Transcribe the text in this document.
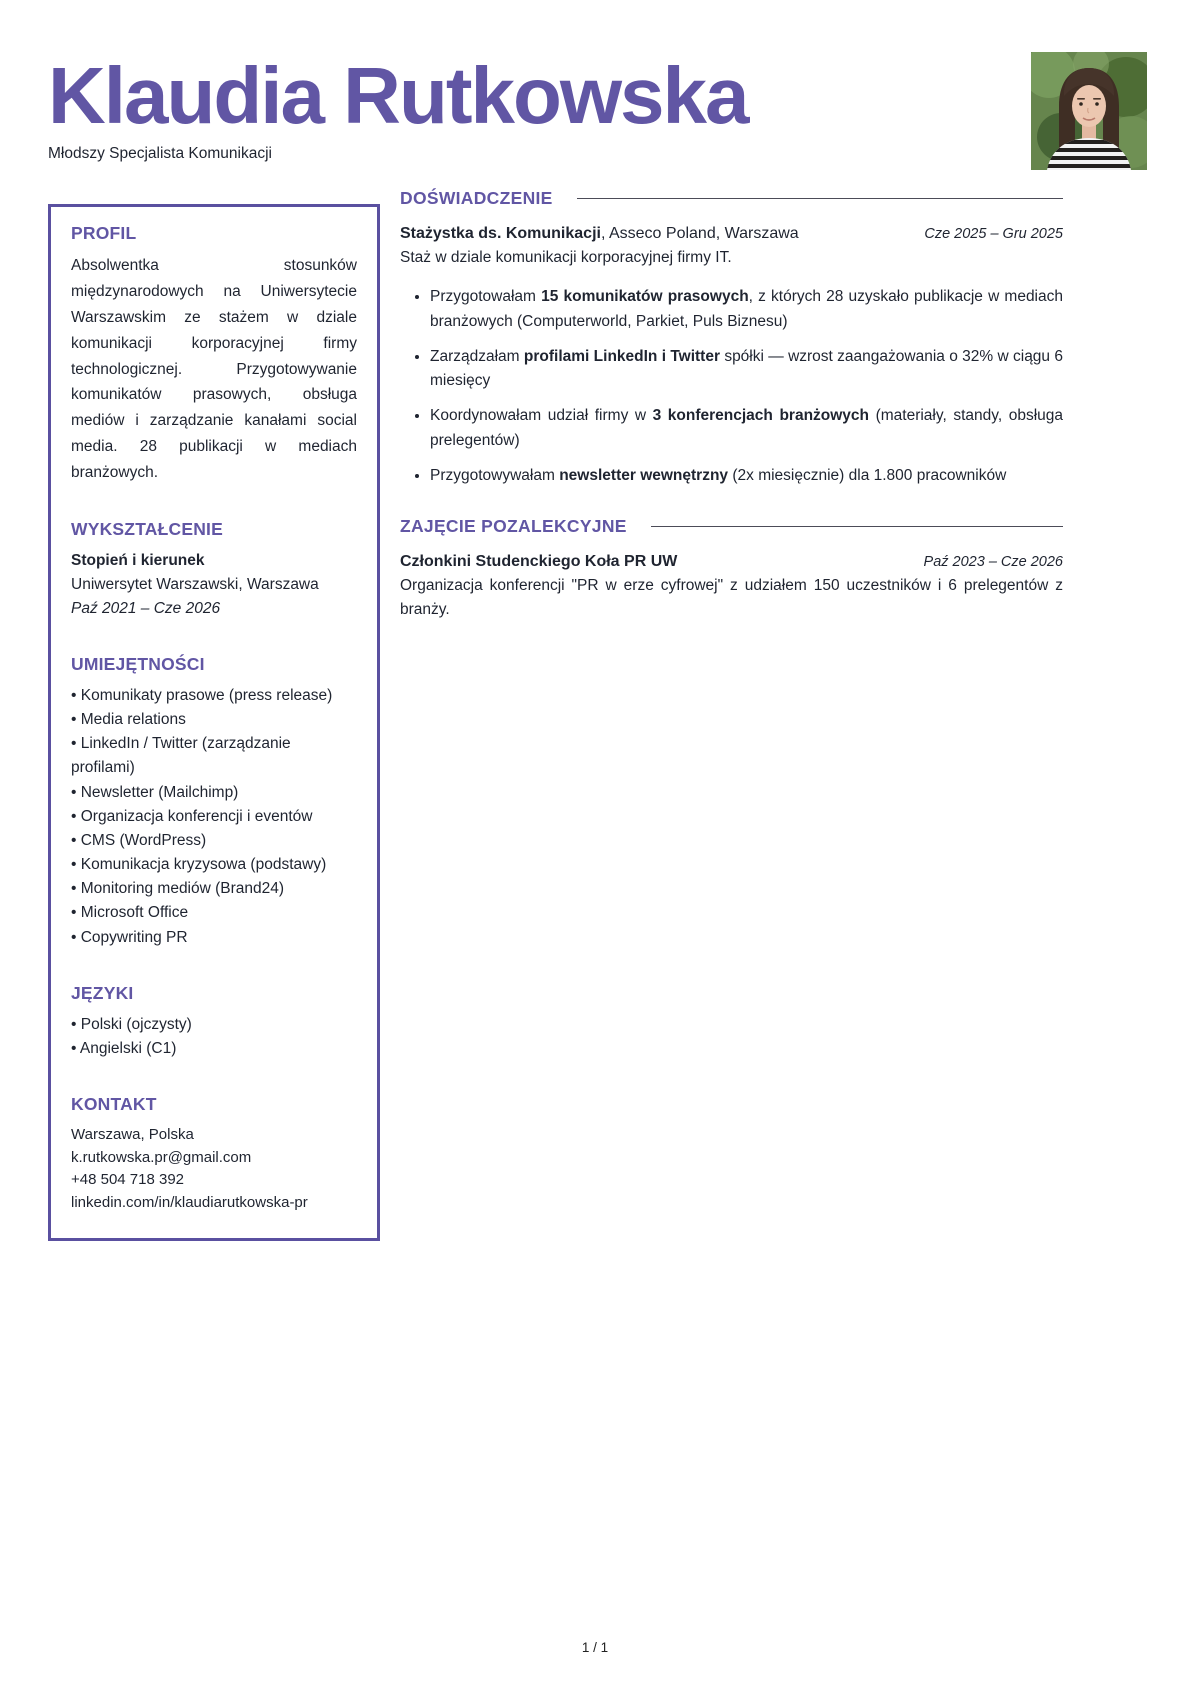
Klaudia Rutkowska
Młodszy Specjalista Komunikacji
PROFIL

Absolwentka stosunków międzynarodowych na Uniwersytecie Warszawskim ze stażem w dziale komunikacji korporacyjnej firmy technologicznej. Przygotowywanie komunikatów prasowych, obsługa mediów i zarządzanie kanałami social media. 28 publikacji w mediach branżowych.

WYKSZTAŁCENIE
Stopień i kierunek
Uniwersytet Warszawski, Warszawa
Paź 2021 – Cze 2026
UMIEJĘTNOŚCI
• Komunikaty prasowe (press release)
• Media relations
• LinkedIn / Twitter (zarządzanie profilami)
• Newsletter (Mailchimp)
• Organizacja konferencji i eventów
• CMS (WordPress)
• Komunikacja kryzysowa (podstawy)
• Monitoring mediów (Brand24)
• Microsoft Office
• Copywriting PR
JĘZYKI
• Polski (ojczysty)
• Angielski (C1)
KONTAKT
Warszawa, Polska
k.rutkowska.pr@gmail.com
+48 504 718 392
linkedin.com/in/klaudiarutkowska-pr
DOŚWIADCZENIE
Stażystka ds. Komunikacji, Asseco Poland, Warszawa	Cze 2025 – Gru 2025

Staż w dziale komunikacji korporacyjnej firmy IT.

• Przygotowałam 15 komunikatów prasowych, z których 28 uzyskało publikacje w mediach branżowych (Computerworld, Parkiet, Puls Biznesu)
• Zarządzałam profilami LinkedIn i Twitter spółki — wzrost zaangażowania o 32% w ciągu 6 miesięcy
• Koordynowałam udział firmy w 3 konferencjach branżowych (materiały, standy, obsługa prelegentów)
• Przygotowywałam newsletter wewnętrzny (2x miesięcznie) dla 1.800 pracowników
ZAJĘCIE POZALEKCYJNE
Członkini Studenckiego Koła PR UW	Paź 2023 – Cze 2026

Organizacja konferencji "PR w erze cyfrowej" z udziałem 150 uczestników i 6 prelegentów z branży.

1 / 1
